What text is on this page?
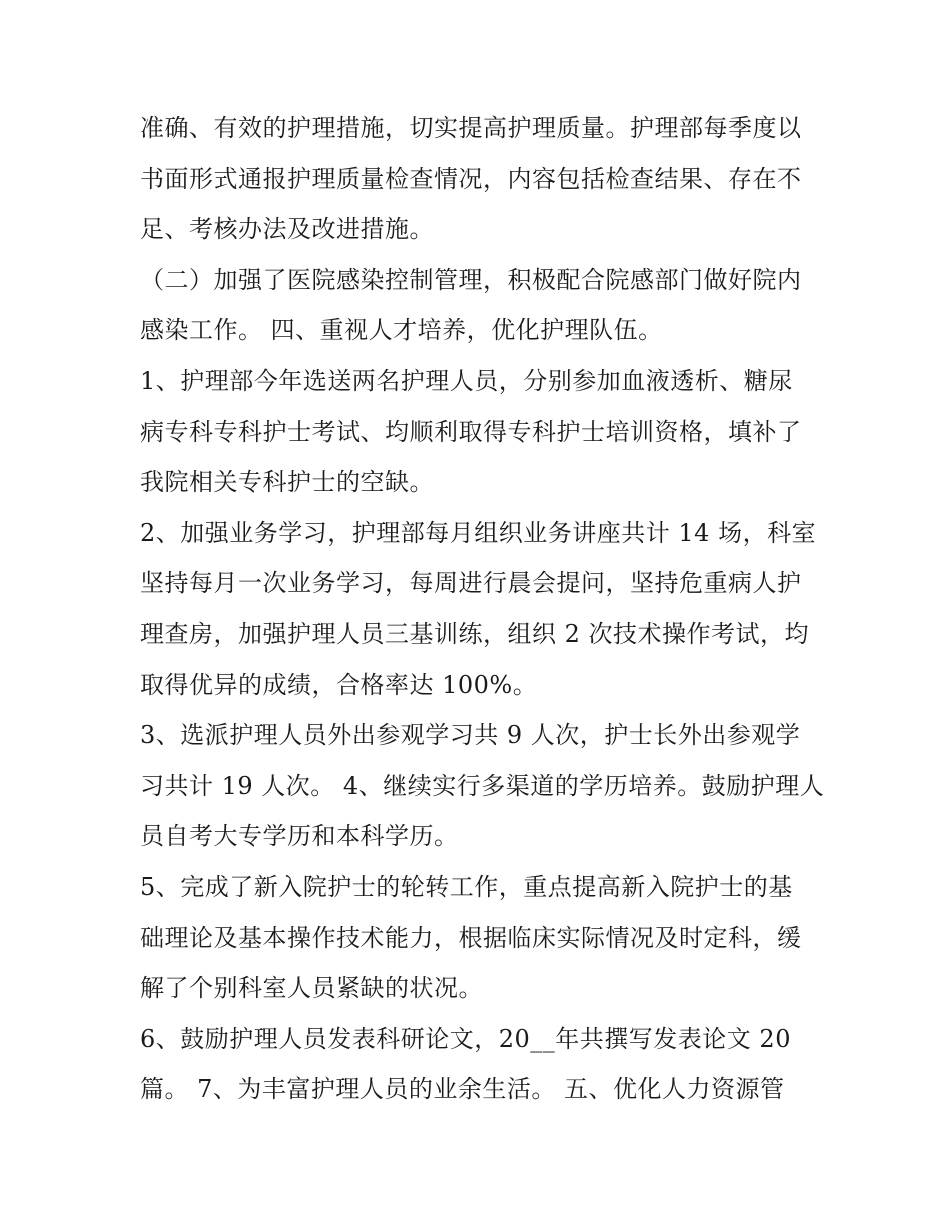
准确、有效的护理措施，切实提高护理质量。护理部每季度以
书面形式通报护理质量检查情况，内容包括检查结果、存在不
足、考核办法及改进措施。
（二）加强了医院感染控制管理，积极配合院感部门做好院内
感染工作。 四、重视人才培养，优化护理队伍。
1、护理部今年选送两名护理人员，分别参加血液透析、糖尿
病专科专科护士考试、均顺利取得专科护士培训资格，填补了
我院相关专科护士的空缺。
2、加强业务学习，护理部每月组织业务讲座共计 14 场，科室
坚持每月一次业务学习，每周进行晨会提问，坚持危重病人护
理查房，加强护理人员三基训练，组织 2 次技术操作考试，均
取得优异的成绩，合格率达 100%。
3、选派护理人员外出参观学习共 9 人次，护士长外出参观学
习共计 19 人次。 4、继续实行多渠道的学历培养。鼓励护理人
员自考大专学历和本科学历。
5、完成了新入院护士的轮转工作，重点提高新入院护士的基
础理论及基本操作技术能力，根据临床实际情况及时定科，缓
解了个别科室人员紧缺的状况。
6、鼓励护理人员发表科研论文，20__年共撰写发表论文 20
篇。 7、为丰富护理人员的业余生活。 五、优化人力资源管
